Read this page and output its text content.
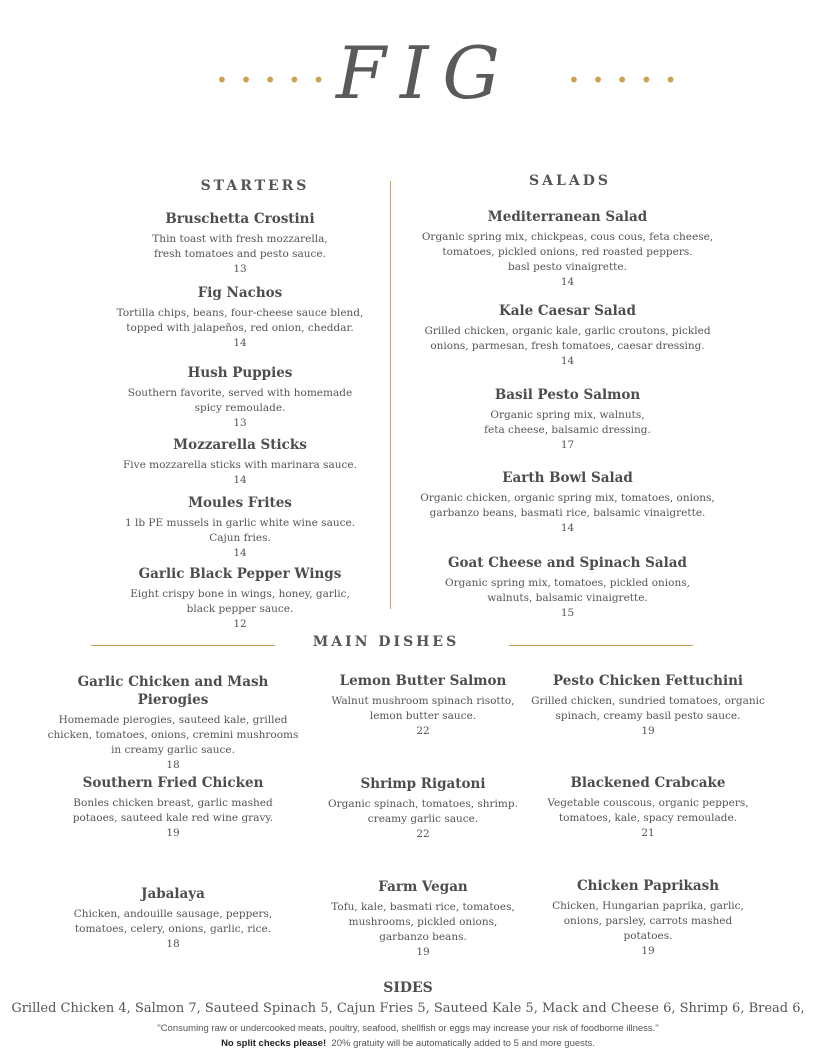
• • • • • FIG	• • • • •
STARTERS
Bruschetta Crostini
Thin toast with fresh mozzarella,
fresh tomatoes and pesto sauce.
13
Fig Nachos
Tortilla chips, beans, four-cheese sauce blend,
topped with jalapeños, red onion, cheddar.
14
Hush Puppies
Southern favorite, served with homemade
spicy remoulade.
13
Mozzarella Sticks
Five mozzarella sticks with marinara sauce.
14
Moules Frites
1 lb PE mussels in garlic white wine sauce.
Cajun fries.
14
Garlic Black Pepper Wings
Eight crispy bone in wings, honey, garlic,
black pepper sauce.
12
SALADS
Mediterranean Salad
Organic spring mix, chickpeas, cous cous, feta cheese,
tomatoes, pickled onions, red roasted peppers.
basl pesto vinaigrette.
14
Kale Caesar Salad
Grilled chicken, organic kale, garlic croutons, pickled
onions, parmesan, fresh tomatoes, caesar dressing.
14
Basil Pesto Salmon
Organic spring mix, walnuts,
feta cheese, balsamic dressing.
17
Earth Bowl Salad
Organic chicken, organic spring mix, tomatoes, onions,
garbanzo beans, basmati rice, balsamic vinaigrette.
14
Goat Cheese and Spinach Salad
Organic spring mix, tomatoes, pickled onions,
walnuts, balsamic vinaigrette.
15
MAIN DISHES
Garlic Chicken and Mash Pierogies
Homemade pierogies, sauteed kale, grilled
chicken, tomatoes, onions, cremini mushrooms
in creamy garlic sauce.
18
Lemon Butter Salmon
Walnut mushroom spinach risotto,
lemon butter sauce.
22
Pesto Chicken Fettuchini
Grilled chicken, sundried tomatoes, organic
spinach, creamy basil pesto sauce.
19
Southern Fried Chicken
Bonles chicken breast, garlic mashed
potaoes, sauteed kale red wine gravy.
19
Shrimp Rigatoni
Organic spinach, tomatoes, shrimp.
creamy garlic sauce.
22
Blackened Crabcake
Vegetable couscous, organic peppers,
tomatoes, kale, spacy remoulade.
21
Jabalaya
Chicken, andouille sausage, peppers,
tomatoes, celery, onions, garlic, rice.
18
Farm Vegan
Tofu, kale, basmati rice, tomatoes,
mushrooms, pickled onions,
garbanzo beans.
19
Chicken Paprikash
Chicken, Hungarian paprika, garlic,
onions, parsley, carrots mashed
potatoes.
19
SIDES
Grilled Chicken 4, Salmon 7, Sauteed Spinach 5, Cajun Fries 5, Sauteed Kale 5, Mack and Cheese 6, Shrimp 6, Bread 6,
"Consuming raw or undercooked meats, poultry, seafood, shellfish or eggs may increase your risk of foodborne illness."
No split checks please! 20% gratuity will be automatically added to 5 and more guests.
